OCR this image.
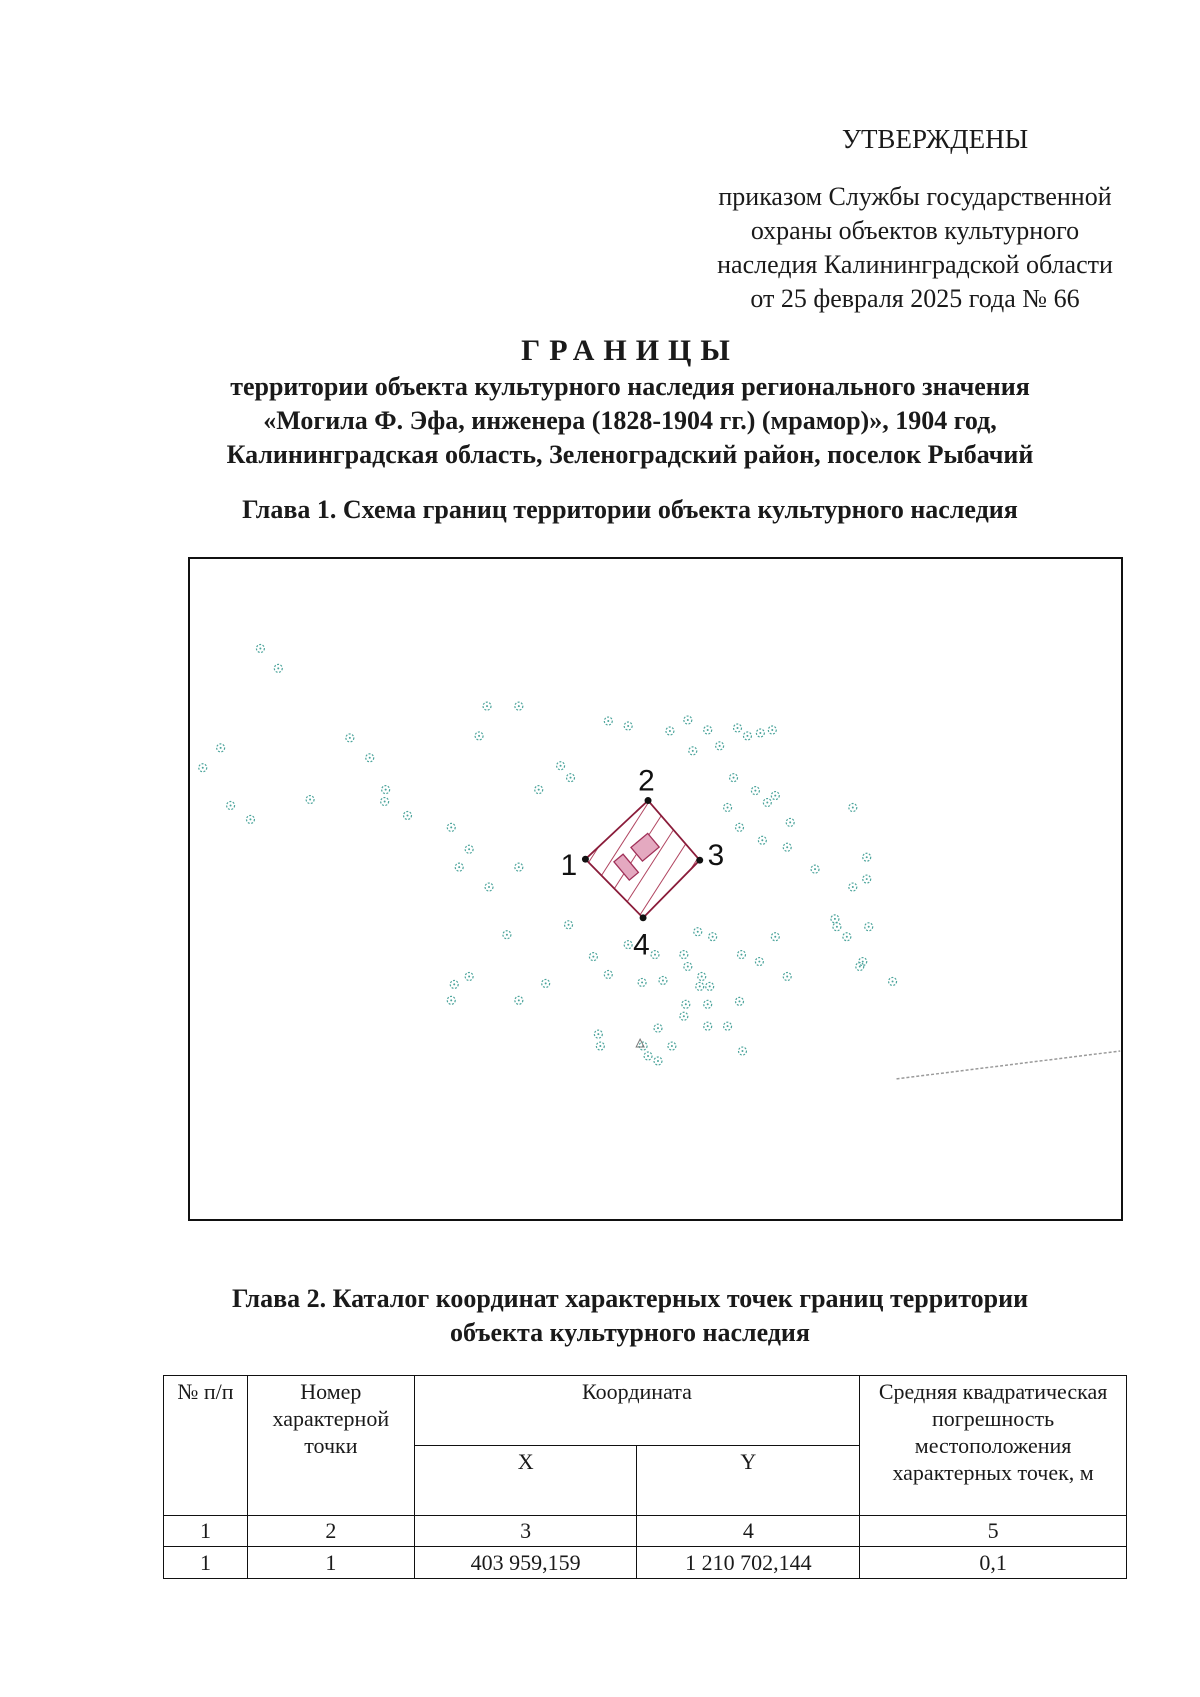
УТВЕРЖДЕНЫ
приказом Службы государственной
охраны объектов культурного
наследия Калининградской области
от 25 февраля 2025 года № 66
ГРАНИЦЫ
территории объекта культурного наследия регионального значения
«Могила Ф. Эфа, инженера (1828-1904 гг.) (мрамор)», 1904 год,
Калининградская область, Зеленоградский район, поселок Рыбачий
Глава 1. Схема границ территории объекта культурного наследия
1
2
3
4
Глава 2. Каталог координат характерных точек границ территории
объекта культурного наследия
№ п/п	Номер характерной точки	Координата		Средняя квадратическая погрешность местоположения характерных точек, м
		X	Y	
1	2	3	4	5
1	1	403 959,159	1 210 702,144	0,1
